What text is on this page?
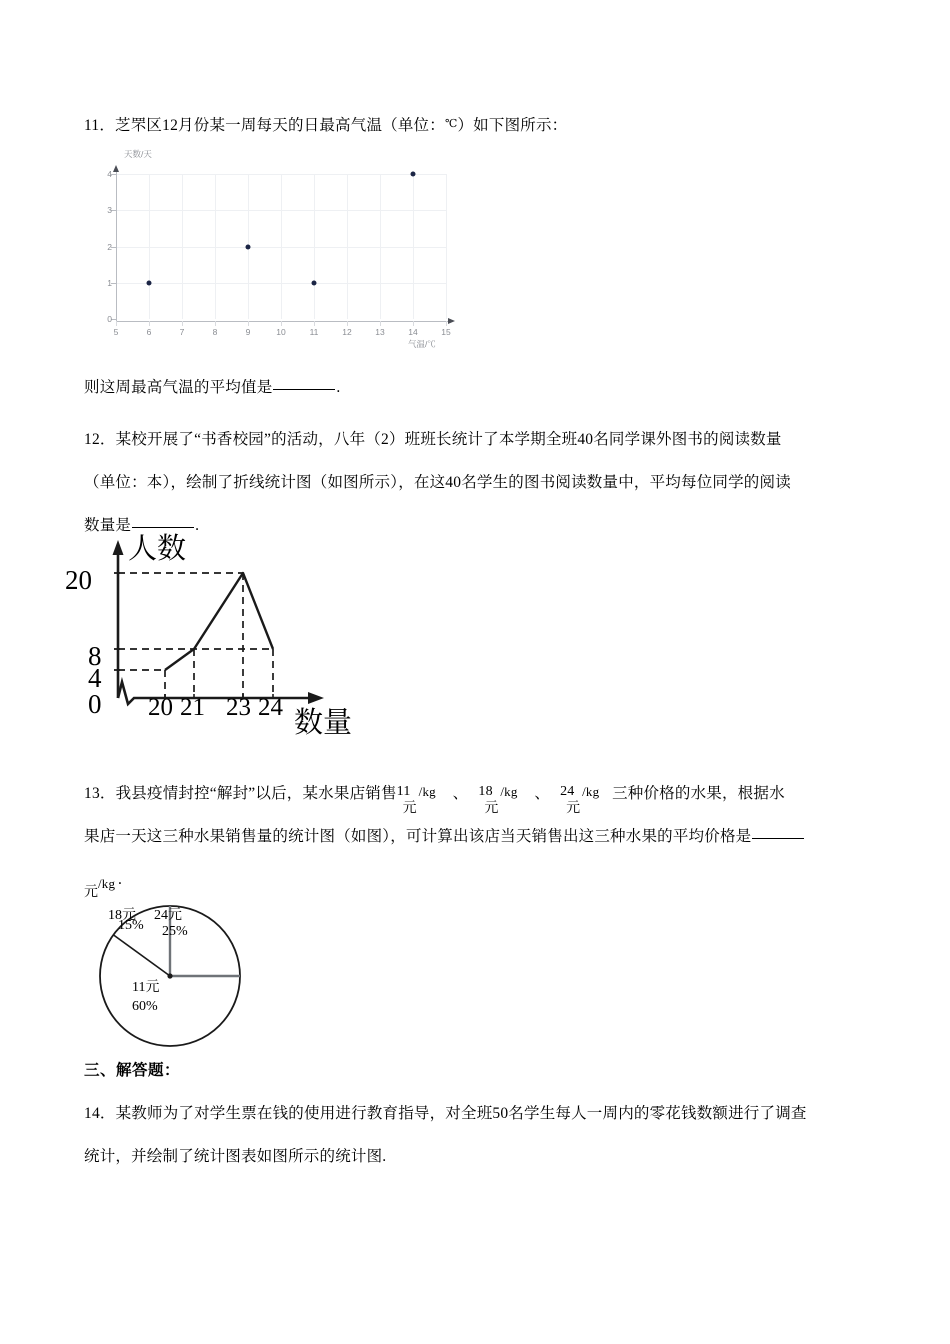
11．芝罘区12月份某一周每天的日最高气温（单位：℃）如下图所示：
天数/天
4
3
2
1
0
5	6	7	8	9	10	11	12	13	14	15
气温/℃
则这周最高气温的平均值是	.
12．某校开展了“书香校园”的活动，八年（2）班班长统计了本学期全班40名同学课外图书的阅读数量
（单位：本），绘制了折线统计图（如图所示），在这40名学生的图书阅读数量中，平均每位同学的阅读
数量是	.
20
8
4
0 20 21 23 24
人数
数量
13．我县疫情封控“解封”以后，某水果店销售 11
元
/kg 、 18
元
/kg 、 24
元
/kg 三种价格的水果，根据水
果店一天这三种水果销售量的统计图（如图），可计算出该店当天销售出这三种水果的平均价格是
元
/kg .
18元
15%
24元
25%
11元
60%
三、解答题：
14．某教师为了对学生票在钱的使用进行教育指导，对全班50名学生每人一周内的零花钱数额进行了调查
统计，并绘制了统计图表如图所示的统计图.
